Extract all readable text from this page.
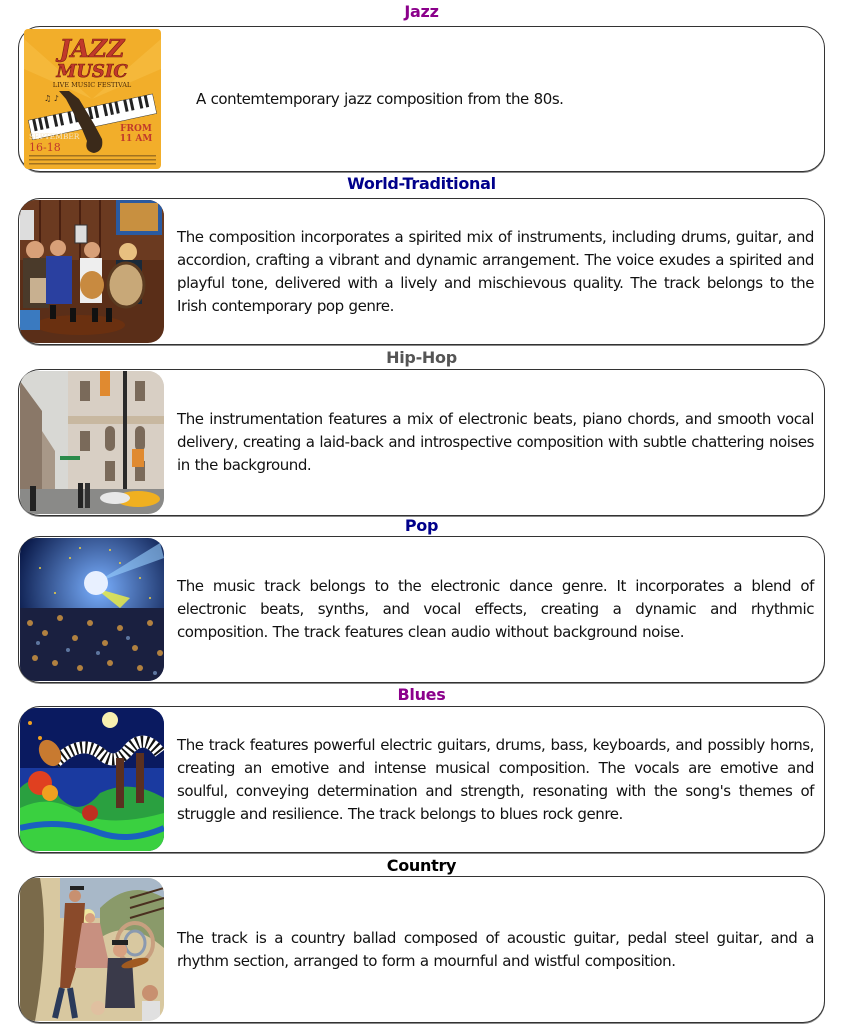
Jazz
JAZZ
MUSIC
LIVE MUSIC FESTIVAL
♫ ♪
SEPTEMBER
16-18
FROM
11 AM

A contemtemporary jazz composition from the 80s.

World-Traditional

The composition incorporates a spirited mix of instruments, including drums, guitar, and accordion, crafting a vibrant and dynamic arrangement. The voice exudes a spirited and playful tone, delivered with a lively and mischievous quality. The track belongs to the Irish contemporary pop genre.

Hip-Hop

The instrumentation features a mix of electronic beats, piano chords, and smooth vocal delivery, creating a laid-back and introspective composition with subtle chattering noises in the background.

Pop

The music track belongs to the electronic dance genre. It incorporates a blend of electronic beats, synths, and vocal effects, creating a dynamic and rhythmic composition. The track features clean audio without background noise.

Blues

The track features powerful electric guitars, drums, bass, keyboards, and possibly horns, creating an emotive and intense musical composition. The vocals are emotive and soulful, conveying determination and strength, resonating with the song's themes of struggle and resilience. The track belongs to blues rock genre.

Country

The track is a country ballad composed of acoustic guitar, pedal steel guitar, and a rhythm section, arranged to form a mournful and wistful composition.
